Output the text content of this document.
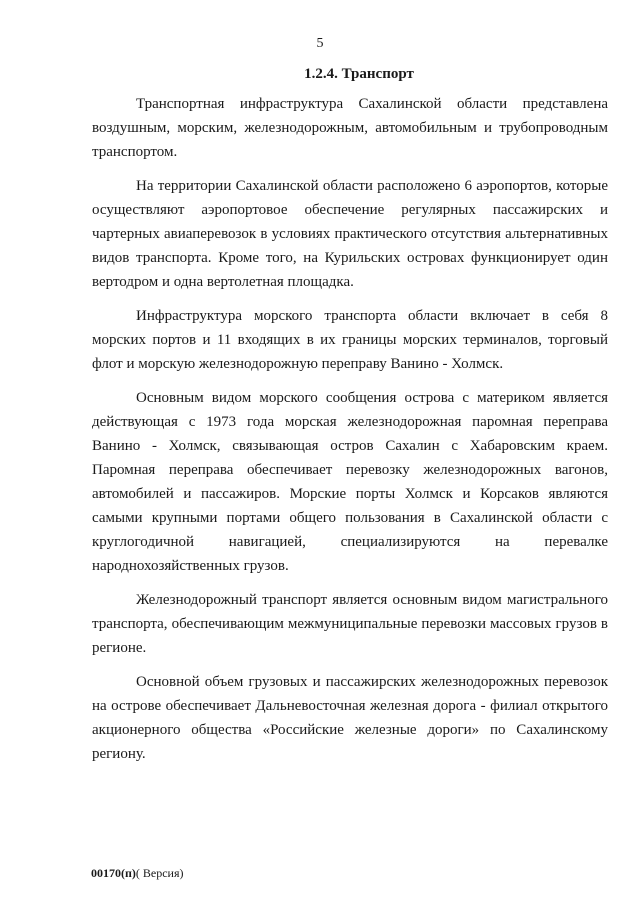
5
1.2.4. Транспорт

Транспортная инфраструктура Сахалинской области представлена воздушным, морским, железнодорожным, автомобильным и трубопроводным транспортом.

На территории Сахалинской области расположено 6 аэропортов, которые осуществляют аэропортовое обеспечение регулярных пассажирских и чартерных авиаперевозок в условиях практического отсутствия альтернативных видов транспорта. Кроме того, на Курильских островах функционирует один вертодром и одна вертолетная площадка.

Инфраструктура морского транспорта области включает в себя 8 морских портов и 11 входящих в их границы морских терминалов, торговый флот и морскую железнодорожную переправу Ванино - Холмск.

Основным видом морского сообщения острова с материком является действующая с 1973 года морская железнодорожная паромная переправа Ванино - Холмск, связывающая остров Сахалин с Хабаровским краем. Паромная переправа обеспечивает перевозку железнодорожных вагонов, автомобилей и пассажиров. Морские порты Холмск и Корсаков являются самыми крупными портами общего пользования в Сахалинской области с круглогодичной навигацией, специализируются на перевалке народнохозяйственных грузов.

Железнодорожный транспорт является основным видом магистрального транспорта, обеспечивающим межмуниципальные перевозки массовых грузов в регионе.

Основной объем грузовых и пассажирских железнодорожных перевозок на острове обеспечивает Дальневосточная железная дорога - филиал открытого акционерного общества «Российские железные дороги» по Сахалинскому региону.

00170(п)( Версия)
